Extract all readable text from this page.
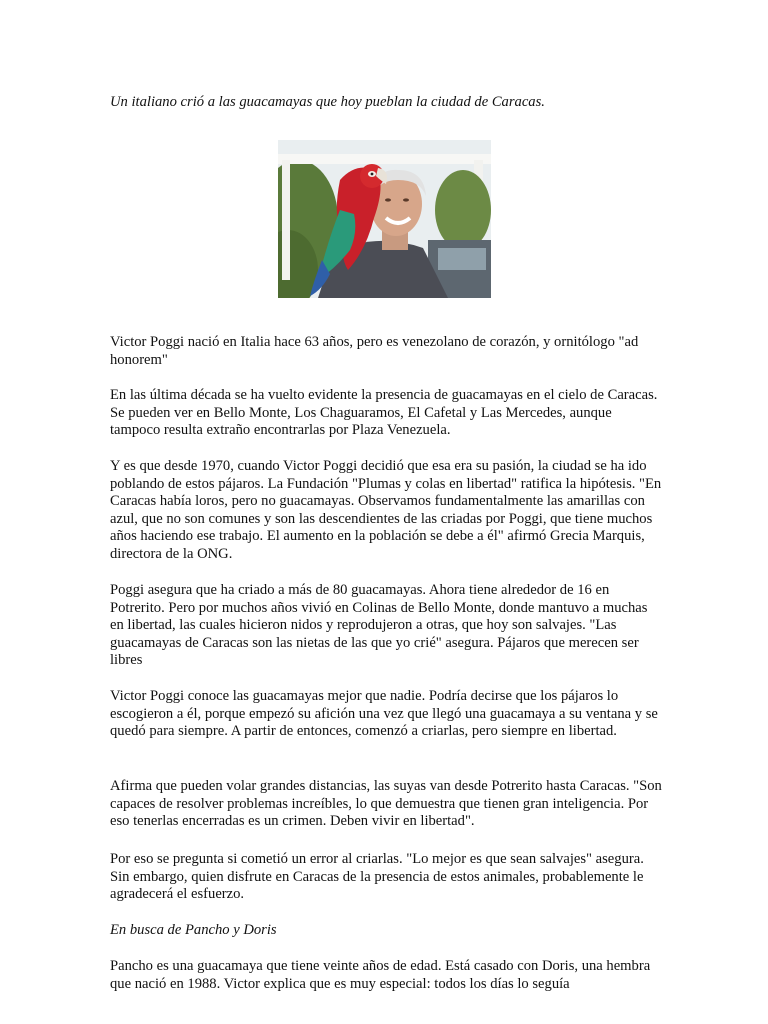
Un italiano crió a las guacamayas que hoy pueblan la ciudad de Caracas.

Victor Poggi nació en Italia hace 63 años, pero es venezolano de corazón, y ornitólogo "ad honorem"

En las última década se ha vuelto evidente la presencia de guacamayas en el cielo de Caracas. Se pueden ver en Bello Monte, Los Chaguaramos, El Cafetal y Las Mercedes, aunque tampoco resulta extraño encontrarlas por Plaza Venezuela.

Y es que desde 1970, cuando Victor Poggi decidió que esa era su pasión, la ciudad se ha ido poblando de estos pájaros. La Fundación "Plumas y colas en libertad" ratifica la hipótesis. "En Caracas había loros, pero no guacamayas. Observamos fundamentalmente las amarillas con azul, que no son comunes y son las descendientes de las criadas por Poggi, que tiene muchos años haciendo ese trabajo. El aumento en la población se debe a él" afirmó Grecia Marquis, directora de la ONG.

Poggi asegura que ha criado a más de 80 guacamayas. Ahora tiene alrededor de 16 en Potrerito. Pero por muchos años vivió en Colinas de Bello Monte, donde mantuvo a muchas en libertad, las cuales hicieron nidos y reprodujeron a otras, que hoy son salvajes. "Las guacamayas de Caracas son las nietas de las que yo crié" asegura. Pájaros que merecen ser libres

Victor Poggi conoce las guacamayas mejor que nadie. Podría decirse que los pájaros lo escogieron a él, porque empezó su afición una vez que llegó una guacamaya a su ventana y se quedó para siempre. A partir de entonces, comenzó a criarlas, pero siempre en libertad.

Afirma que pueden volar grandes distancias, las suyas van desde Potrerito hasta Caracas. "Son capaces de resolver problemas increíbles, lo que demuestra que tienen gran inteligencia. Por eso tenerlas encerradas es un crimen. Deben vivir en libertad".

Por eso se pregunta si cometió un error al criarlas. "Lo mejor es que sean salvajes" asegura. Sin embargo, quien disfrute en Caracas de la presencia de estos animales, probablemente le agradecerá el esfuerzo.

En busca de Pancho y Doris

Pancho es una guacamaya que tiene veinte años de edad. Está casado con Doris, una hembra que nació en 1988. Victor explica que es muy especial: todos los días lo seguía
